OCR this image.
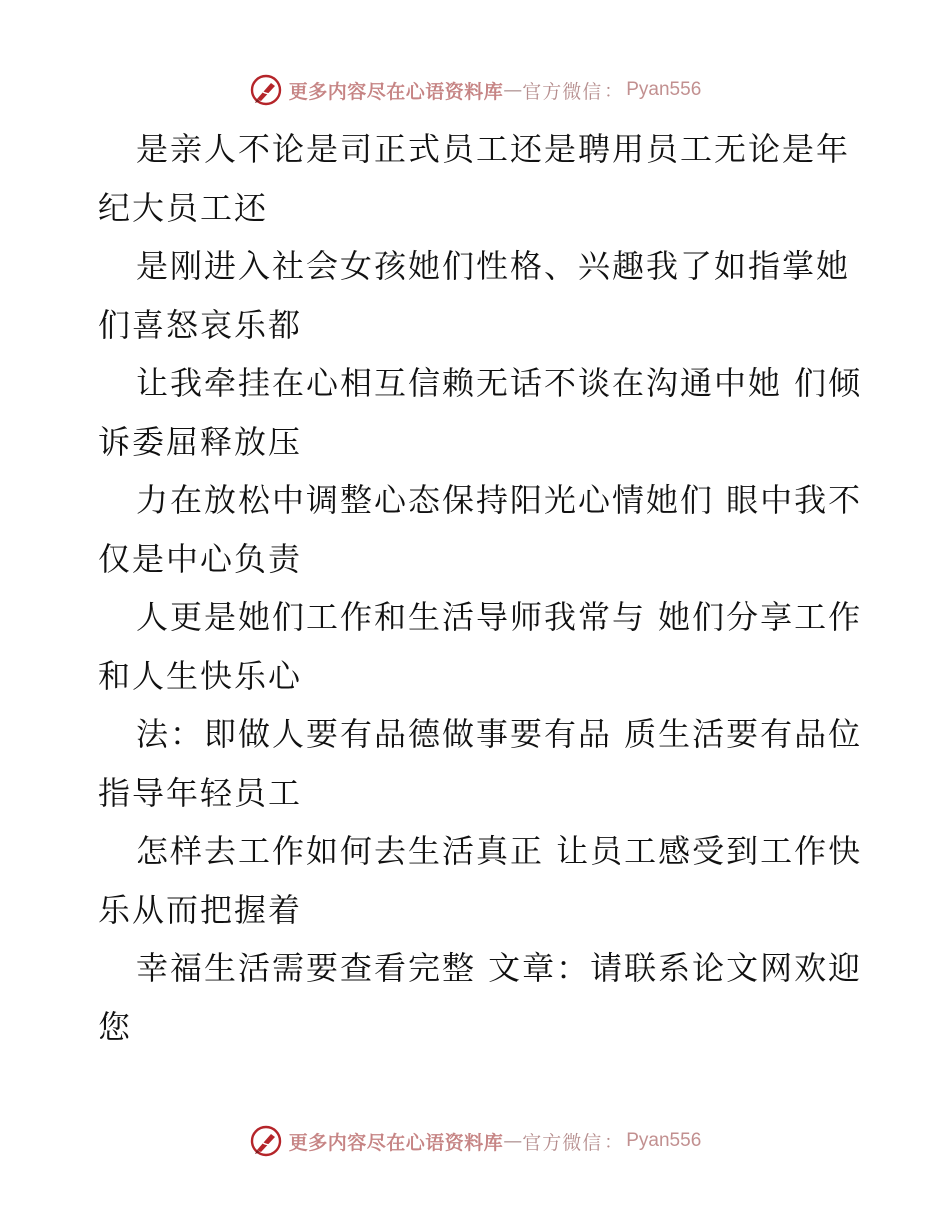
更多内容尽在心语资料库 — 官方微信 ： Pyan556

是亲人不论是司正式员工还是聘用员工无论是年纪大员工还

是刚进入社会女孩她们性格、兴趣我了如指掌她们喜怒哀乐都

让我牵挂在心相互信赖无话不谈在沟通中她 们倾诉委屈释放压

力在放松中调整心态保持阳光心情她们 眼中我不仅是中心负责

人更是她们工作和生活导师我常与 她们分享工作和人生快乐心

法：即做人要有品德做事要有品 质生活要有品位指导年轻员工

怎样去工作如何去生活真正 让员工感受到工作快乐从而把握着

幸福生活需要查看完整 文章：请联系论文网欢迎您

更多内容尽在心语资料库 — 官方微信 ： Pyan556
